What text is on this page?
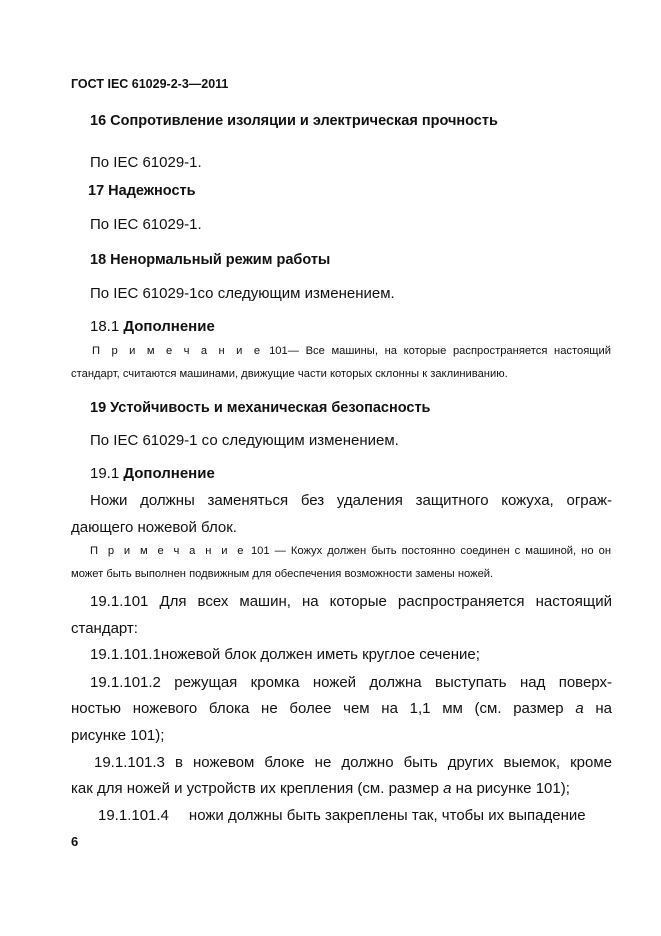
ГОСТ IEC 61029-2-3—2011
16 Сопротивление изоляции и электрическая прочность
По IEC 61029-1.
17 Надежность
По IEC 61029-1.
18 Ненормальный режим работы
По IEC 61029-1со следующим изменением.
18.1 Дополнение
П р и м е ч а н и е 101— Все машины, на которые распространяется настоящий
стандарт, считаются машинами, движущие части которых склонны к заклиниванию.
19 Устойчивость и механическая безопасность
По IEC 61029-1 со следующим изменением.
19.1 Дополнение
Ножи должны заменяться без удаления защитного кожуха, ограж-
дающего ножевой блок.
П р и м е ч а н и е 101 — Кожух должен быть постоянно соединен с машиной, но он
может быть выполнен подвижным для обеспечения возможности замены ножей.
19.1.101 Для всех машин, на которые распространяется настоящий
стандарт:
19.1.101.1ножевой блок должен иметь круглое сечение;
19.1.101.2 режущая кромка ножей должна выступать над поверх-
ностью ножевого блока не более чем на 1,1 мм (см. размер а на
рисунке 101);
19.1.101.3 в ножевом блоке не должно быть других выемок, кроме
как для ножей и устройств их крепления (см. размер а на рисунке 101);
19.1.101.4 ножи должны быть закреплены так, чтобы их выпадение
6
